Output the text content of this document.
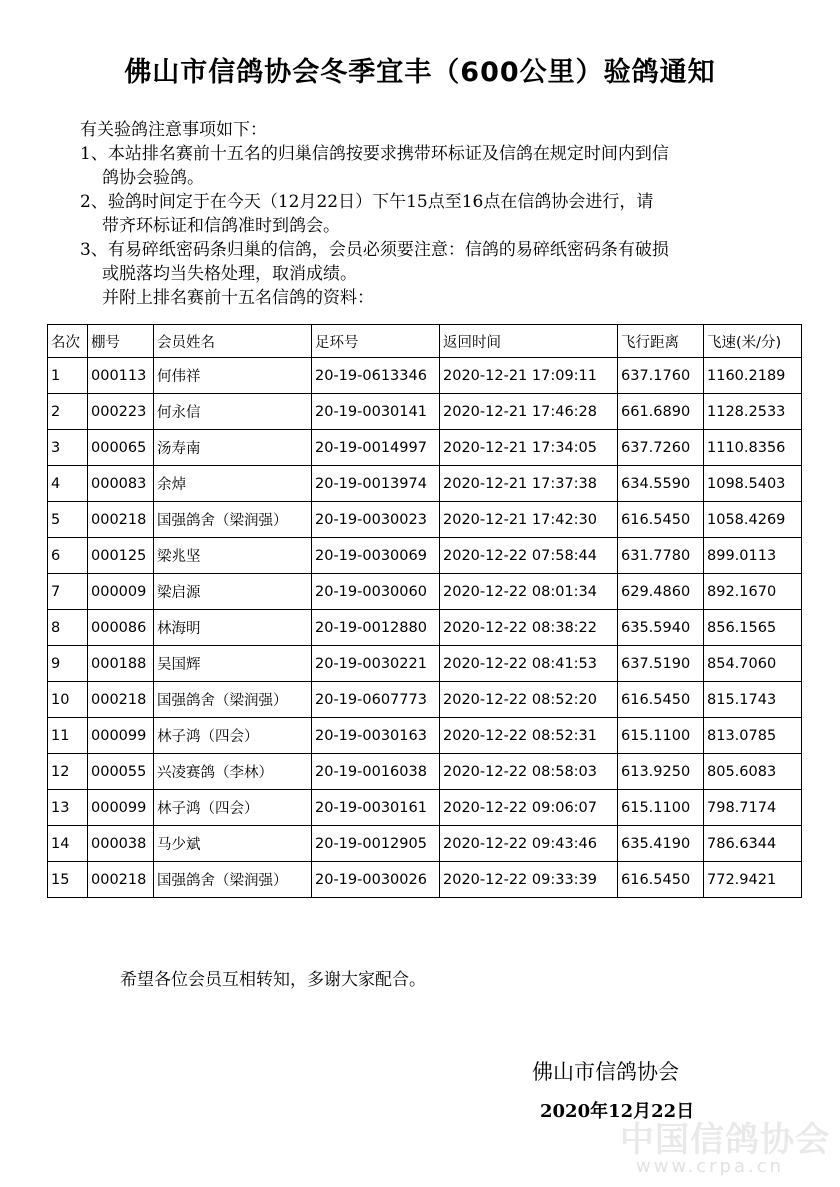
佛山市信鸽协会冬季宜丰（600公里）验鸽通知
有关验鸽注意事项如下：
1、本站排名赛前十五名的归巢信鸽按要求携带环标证及信鸽在规定时间内到信
鸽协会验鸽。
2、验鸽时间定于在今天（12月22日）下午15点至16点在信鸽协会进行，请
带齐环标证和信鸽准时到鸽会。
3、有易碎纸密码条归巢的信鸽，会员必须要注意：信鸽的易碎纸密码条有破损
或脱落均当失格处理，取消成绩。
并附上排名赛前十五名信鸽的资料：
名次	棚号	会员姓名	足环号	返回时间	飞行距离	飞速(米/分)
1	000113	何伟祥	20-19-0613346	2020-12-21 17:09:11	637.1760	1160.2189
2	000223	何永信	20-19-0030141	2020-12-21 17:46:28	661.6890	1128.2533
3	000065	汤寿南	20-19-0014997	2020-12-21 17:34:05	637.7260	1110.8356
4	000083	余焯	20-19-0013974	2020-12-21 17:37:38	634.5590	1098.5403
5	000218	国强鸽舍（梁润强）	20-19-0030023	2020-12-21 17:42:30	616.5450	1058.4269
6	000125	梁兆坚	20-19-0030069	2020-12-22 07:58:44	631.7780	899.0113
7	000009	梁启源	20-19-0030060	2020-12-22 08:01:34	629.4860	892.1670
8	000086	林海明	20-19-0012880	2020-12-22 08:38:22	635.5940	856.1565
9	000188	吴国辉	20-19-0030221	2020-12-22 08:41:53	637.5190	854.7060
10	000218	国强鸽舍（梁润强）	20-19-0607773	2020-12-22 08:52:20	616.5450	815.1743
11	000099	林子鸿（四会）	20-19-0030163	2020-12-22 08:52:31	615.1100	813.0785
12	000055	兴凌赛鸽（李林）	20-19-0016038	2020-12-22 08:58:03	613.9250	805.6083
13	000099	林子鸿（四会）	20-19-0030161	2020-12-22 09:06:07	615.1100	798.7174
14	000038	马少斌	20-19-0012905	2020-12-22 09:43:46	635.4190	786.6344
15	000218	国强鸽舍（梁润强）	20-19-0030026	2020-12-22 09:33:39	616.5450	772.9421
希望各位会员互相转知，多谢大家配合。
佛山市信鸽协会
2020年12月22日
中国信鸽协会
www.crpa.cn
